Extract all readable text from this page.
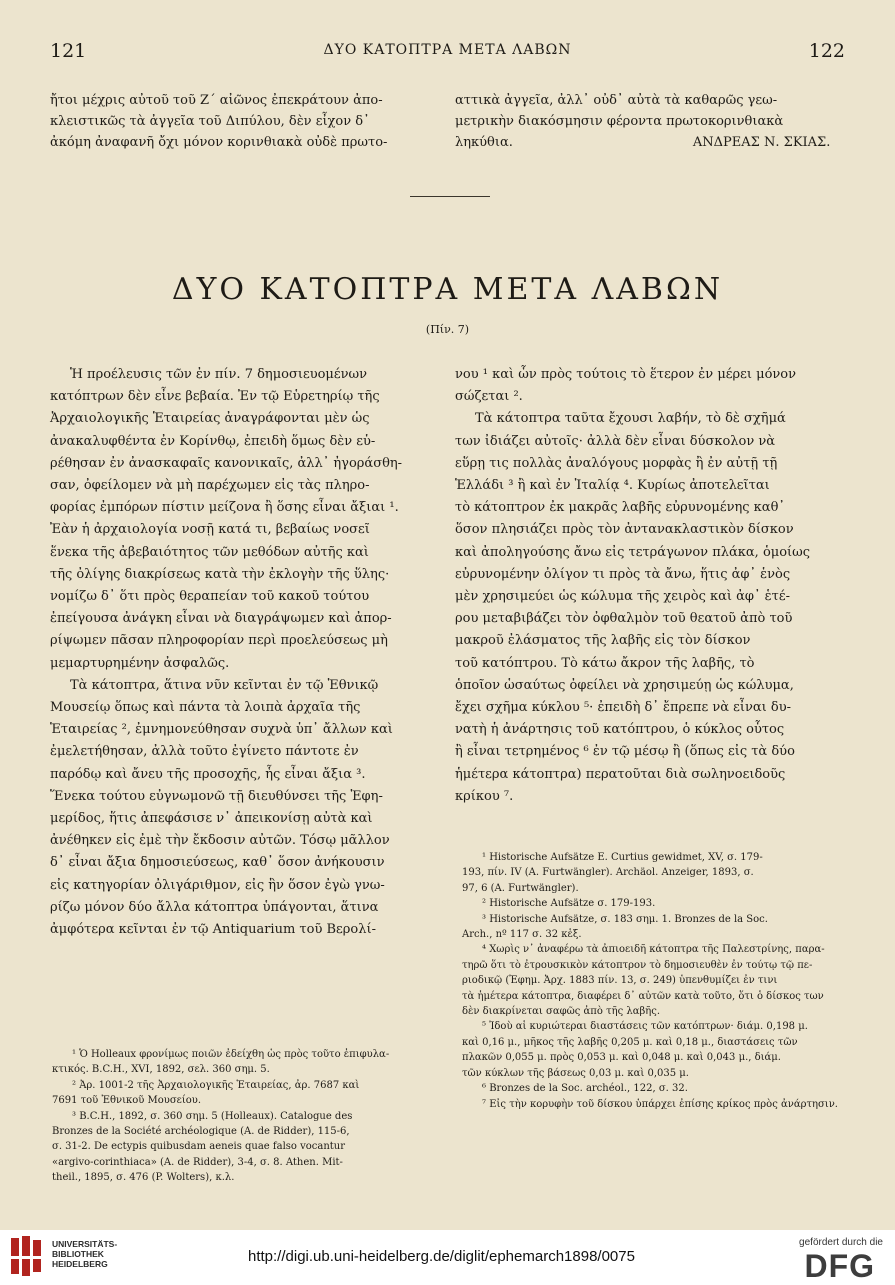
121	ΔΥΟ ΚΑΤΟΠΤΡΑ ΜΕΤΑ ΛΑΒΩΝ	122

ἤτοι μέχρις αὐτοῦ τοῦ Ζ΄ αἰῶνος ἐπεκράτουν ἀπο-

κλειστικῶς τὰ ἀγγεῖα τοῦ Διπύλου, δὲν εἶχον δ᾿

ἀκόμη ἀναφανῆ ὄχι μόνον κορινθιακὰ οὐδὲ πρωτο-

αττικὰ ἀγγεῖα, ἀλλ᾿ οὐδ᾿ αὐτὰ τὰ καθαρῶς γεω-

μετρικὴν διακόσμησιν φέροντα πρωτοκορινθιακὰ

ληκύθια.	ΑΝΔΡΕΑΣ Ν. ΣΚΙΑΣ.

ΔΥΟ ΚΑΤΟΠΤΡΑ ΜΕΤΑ ΛΑΒΩΝ
(Πίν. 7)

Ἡ προέλευσις τῶν ἐν πίν. 7 δημοσιευομένων

κατόπτρων δὲν εἶνε βεβαία. Ἐν τῷ Εὑρετηρίῳ τῆς

Ἀρχαιολογικῆς Ἑταιρείας ἀναγράφονται μὲν ὡς

ἀνακαλυφθέντα ἐν Κορίνθῳ, ἐπειδὴ ὅμως δὲν εὑ-

ρέθησαν ἐν ἀνασκαφαῖς κανονικαῖς, ἀλλ᾿ ἠγοράσθη-

σαν, ὀφείλομεν νὰ μὴ παρέχωμεν εἰς τὰς πληρο-

φορίας ἐμπόρων πίστιν μείζονα ἢ ὅσης εἶναι ἄξιαι ¹.

Ἐὰν ἡ ἀρχαιολογία νοσῇ κατά τι, βεβαίως νοσεῖ

ἕνεκα τῆς ἀβεβαιότητος τῶν μεθόδων αὐτῆς καὶ

τῆς ὀλίγης διακρίσεως κατὰ τὴν ἐκλογὴν τῆς ὕλης·

νομίζω δ᾿ ὅτι πρὸς θεραπείαν τοῦ κακοῦ τούτου

ἐπείγουσα ἀνάγκη εἶναι νὰ διαγράψωμεν καὶ ἀπορ-

ρίψωμεν πᾶσαν πληροφορίαν περὶ προελεύσεως μὴ

μεμαρτυρημένην ἀσφαλῶς.

Τὰ κάτοπτρα, ἅτινα νῦν κεῖνται ἐν τῷ Ἐθνικῷ

Μουσείῳ ὅπως καὶ πάντα τὰ λοιπὰ ἀρχαῖα τῆς

Ἑταιρείας ², ἐμνημονεύθησαν συχνὰ ὑπ᾿ ἄλλων καὶ

ἐμελετήθησαν, ἀλλὰ τοῦτο ἐγίνετο πάντοτε ἐν

παρόδῳ καὶ ἄνευ τῆς προσοχῆς, ἧς εἶναι ἄξια ³.

Ἕνεκα τούτου εὐγνωμονῶ τῇ διευθύνσει τῆς Ἐφη-

μερίδος, ἥτις ἀπεφάσισε ν᾿ ἀπεικονίσῃ αὐτὰ καὶ

ἀνέθηκεν εἰς ἐμὲ τὴν ἔκδοσιν αὐτῶν. Τόσῳ μᾶλλον

δ᾿ εἶναι ἄξια δημοσιεύσεως, καθ᾿ ὅσον ἀνήκουσιν

εἰς κατηγορίαν ὀλιγάριθμον, εἰς ἣν ὅσον ἐγὼ γνω-

ρίζω μόνον δύο ἄλλα κάτοπτρα ὑπάγονται, ἅτινα

ἀμφότερα κεῖνται ἐν τῷ Antiquarium τοῦ Βερολί-

νου ¹ καὶ ὧν πρὸς τούτοις τὸ ἕτερον ἐν μέρει μόνον

σώζεται ².

Τὰ κάτοπτρα ταῦτα ἔχουσι λαβήν, τὸ δὲ σχῆμά

των ἰδιάζει αὐτοῖς· ἀλλὰ δὲν εἶναι δύσκολον νὰ

εὕρῃ τις πολλὰς ἀναλόγους μορφὰς ἢ ἐν αὐτῇ τῇ

Ἑλλάδι ³ ἢ καὶ ἐν Ἰταλίᾳ ⁴. Κυρίως ἀποτελεῖται

τὸ κάτοπτρον ἐκ μακρᾶς λαβῆς εὐρυνομένης καθ᾿

ὅσον πλησιάζει πρὸς τὸν ἀντανακλαστικὸν δίσκον

καὶ ἀποληγούσης ἄνω εἰς τετράγωνον πλάκα, ὁμοίως

εὐρυνομένην ὀλίγον τι πρὸς τὰ ἄνω, ἥτις ἀφ᾿ ἑνὸς

μὲν χρησιμεύει ὡς κώλυμα τῆς χειρὸς καὶ ἀφ᾿ ἑτέ-

ρου μεταβιβάζει τὸν ὀφθαλμὸν τοῦ θεατοῦ ἀπὸ τοῦ

μακροῦ ἐλάσματος τῆς λαβῆς εἰς τὸν δίσκον

τοῦ κατόπτρου. Τὸ κάτω ἄκρον τῆς λαβῆς, τὸ

ὁποῖον ὡσαύτως ὀφείλει νὰ χρησιμεύῃ ὡς κώλυμα,

ἔχει σχῆμα κύκλου ⁵· ἐπειδὴ δ᾿ ἔπρεπε νὰ εἶναι δυ-

νατὴ ἡ ἀνάρτησις τοῦ κατόπτρου, ὁ κύκλος οὗτος

ἢ εἶναι τετρημένος ⁶ ἐν τῷ μέσῳ ἢ (ὅπως εἰς τὰ δύο

ἡμέτερα κάτοπτρα) περατοῦται διὰ σωληνοειδοῦς

κρίκου ⁷.

¹ Ὁ Holleaux φρονίμως ποιῶν ἐδείχθη ὡς πρὸς τοῦτο ἐπιφυλα-

κτικός. B.C.H., XVI, 1892, σελ. 360 σημ. 5.

² Ἀρ. 1001-2 τῆς Ἀρχαιολογικῆς Ἑταιρείας, ἀρ. 7687 καὶ

7691 τοῦ Ἐθνικοῦ Μουσείου.

³ B.C.H., 1892, σ. 360 σημ. 5 (Holleaux). Catalogue des

Bronzes de la Société archéologique (A. de Ridder), 115-6,

σ. 31-2. De ectypis quibusdam aeneis quae falso vocantur

«argivo-corinthiaca» (A. de Ridder), 3-4, σ. 8. Athen. Mit-

theil., 1895, σ. 476 (P. Wolters), κ.λ.

¹ Historische Aufsätze E. Curtius gewidmet, XV, σ. 179-

193, πίν. IV (A. Furtwängler). Archäol. Anzeiger, 1893, σ.

97, 6 (A. Furtwängler).

² Historische Aufsätze σ. 179-193.

³ Historische Aufsätze, σ. 183 σημ. 1. Bronzes de la Soc.

Arch., nº 117 σ. 32 κἑξ.

⁴ Χωρὶς ν᾿ ἀναφέρω τὰ ἀπιοειδῆ κάτοπτρα τῆς Παλεστρίνης, παρα-

τηρῶ ὅτι τὸ ἐτρουσκικὸν κάτοπτρον τὸ δημοσιευθὲν ἐν τούτῳ τῷ πε-

ριοδικῷ (Ἐφημ. Ἀρχ. 1883 πίν. 13, σ. 249) ὑπενθυμίζει ἐν τινι

τὰ ἡμέτερα κάτοπτρα, διαφέρει δ᾿ αὐτῶν κατὰ τοῦτο, ὅτι ὁ δίσκος των

δὲν διακρίνεται σαφῶς ἀπὸ τῆς λαβῆς.

⁵ Ἰδοὺ αἱ κυριώτεραι διαστάσεις τῶν κατόπτρων· διάμ. 0,198 μ.

καὶ 0,16 μ., μῆκος τῆς λαβῆς 0,205 μ. καὶ 0,18 μ., διαστάσεις τῶν

πλακῶν 0,055 μ. πρὸς 0,053 μ. καὶ 0,048 μ. καὶ 0,043 μ., διάμ.

τῶν κύκλων τῆς βάσεως 0,03 μ. καὶ 0,035 μ.

⁶ Bronzes de la Soc. archéol., 122, σ. 32.

⁷ Εἰς τὴν κορυφὴν τοῦ δίσκου ὑπάρχει ἐπίσης κρίκος πρὸς ἀνάρτησιν.

UNIVERSITÄTS-
BIBLIOTHEK
HEIDELBERG	http://digi.ub.uni-heidelberg.de/diglit/ephemarch1898/0075
gefördert durch die
DFG
